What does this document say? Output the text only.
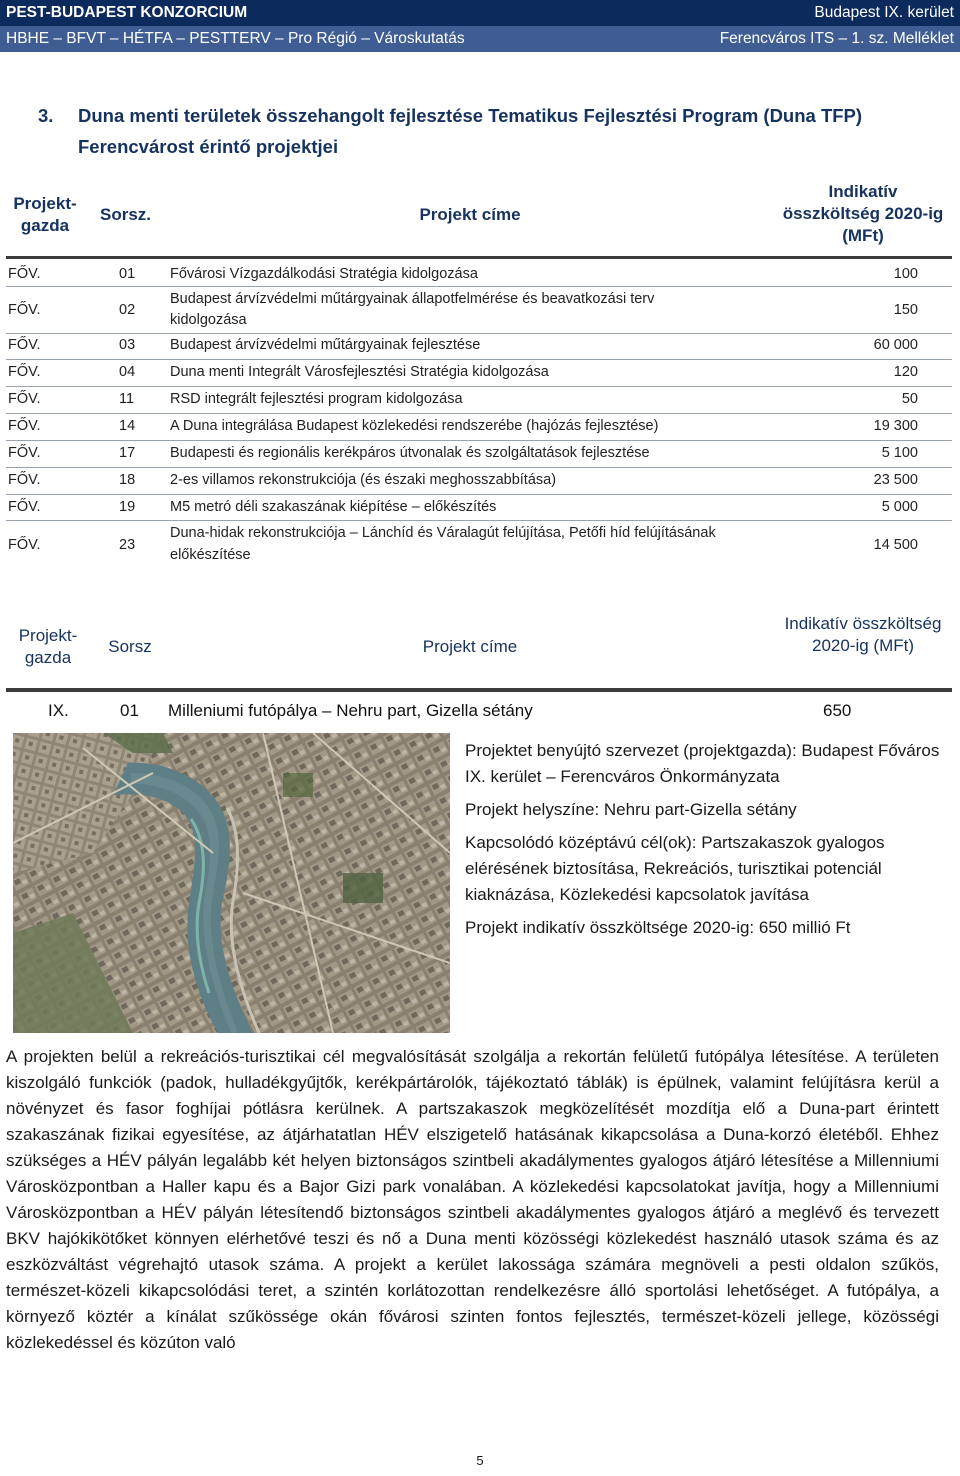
PEST-BUDAPEST KONZORCIUM	Budapest IX. kerület
HBHE – BFVT – HÉTFA – PESTTERV – Pro Régió – Városkutatás	Ferencváros ITS – 1. sz. Melléklet
3. Duna menti területek összehangolt fejlesztése Tematikus Fejlesztési Program (Duna TFP)
Ferencvárost érintő projektjei
Projekt-gazda
Sorsz.	Projekt címe
Indikatív összköltség 2020-ig (MFt)
FŐV.	01 Fővárosi Vízgazdálkodási Stratégia kidolgozása	100
FŐV.	02
Budapest árvízvédelmi műtárgyainak állapotfelmérése és beavatkozási terv
kidolgozása
150
FŐV.	03 Budapest árvízvédelmi műtárgyainak fejlesztése	60 000
FŐV.	04 Duna menti Integrált Városfejlesztési Stratégia kidolgozása	120
FŐV.	11 RSD integrált fejlesztési program kidolgozása	50
FŐV.	14 A Duna integrálása Budapest közlekedési rendszerébe (hajózás fejlesztése)	19 300
FŐV.	17 Budapesti és regionális kerékpáros útvonalak és szolgáltatások fejlesztése	5 100
FŐV.	18 2-es villamos rekonstrukciója (és északi meghosszabbítása)	23 500
FŐV.	19 M5 metró déli szakaszának kiépítése – előkészítés	5 000
FŐV.	23
Duna-hidak rekonstrukciója – Lánchíd és Váralagút felújítása, Petőfi híd felújításának
előkészítése
14 500
Projekt-gazda
Sorsz	Projekt címe
Indikatív összköltség 2020-ig (MFt)
IX.	01 Milleniumi futópálya – Nehru part, Gizella sétány	650

Projektet benyújtó szervezet (projektgazda): Budapest Főváros IX. kerület – Ferencváros Önkormányzata

Projekt helyszíne: Nehru part-Gizella sétány

Kapcsolódó középtávú cél(ok): Partszakaszok gyalogos elérésének biztosítása, Rekreációs, turisztikai potenciál kiaknázása, Közlekedési kapcsolatok javítása

Projekt indikatív összköltsége 2020-ig: 650 millió Ft

A projekten belül a rekreációs-turisztikai cél megvalósítását szolgálja a rekortán felületű futópálya létesítése. A területen kiszolgáló funkciók (padok, hulladékgyűjtők, kerékpártárolók, tájékoztató táblák) is épülnek, valamint felújításra kerül a növényzet és fasor foghíjai pótlásra kerülnek. A partszakaszok megközelítését mozdítja elő a Duna-part érintett szakaszának fizikai egyesítése, az átjárhatatlan HÉV elszigetelő hatásának kikapcsolása a Duna-korzó életéből. Ehhez szükséges a HÉV pályán legalább két helyen biztonságos szintbeli akadálymentes gyalogos átjáró létesítése a Millenniumi Városközpontban a Haller kapu és a Bajor Gizi park vonalában. A közlekedési kapcsolatokat javítja, hogy a Millenniumi Városközpontban a HÉV pályán létesítendő biztonságos szintbeli akadálymentes gyalogos átjáró a meglévő és tervezett BKV hajókikötőket könnyen elérhetővé teszi és nő a Duna menti közösségi közlekedést használó utasok száma és az eszközváltást végrehajtó utasok száma. A projekt a kerület lakossága számára megnöveli a pesti oldalon szűkös, természet-közeli kikapcsolódási teret, a szintén korlátozottan rendelkezésre álló sportolási lehetőséget. A futópálya, a környező köztér a kínálat szűkössége okán fővárosi szinten fontos fejlesztés, természet-közeli jellege, közösségi közlekedéssel és közúton való
5
